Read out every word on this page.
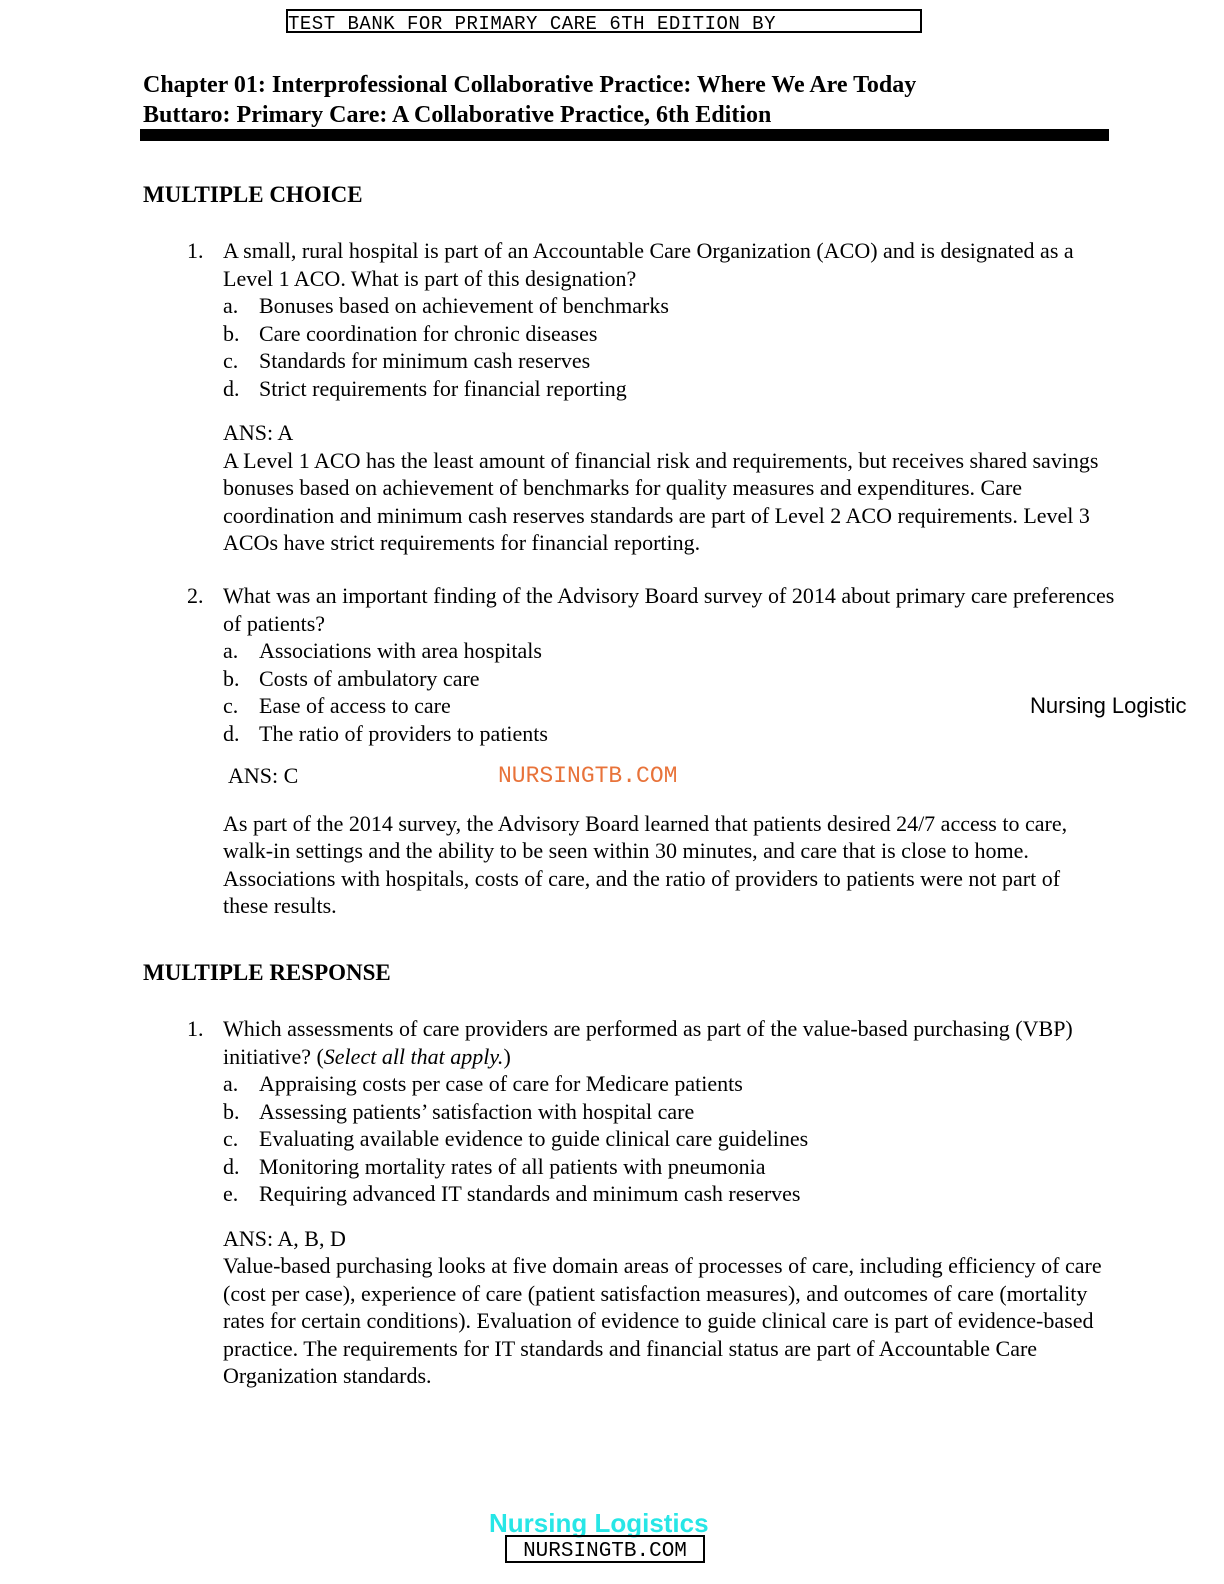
TEST BANK FOR PRIMARY CARE 6TH EDITION BY
Chapter 01: Interprofessional Collaborative Practice: Where We Are Today
Buttaro: Primary Care: A Collaborative Practice, 6th Edition
MULTIPLE CHOICE
1. A small, rural hospital is part of an Accountable Care Organization (ACO) and is designated as a Level 1 ACO. What is part of this designation?
a. Bonuses based on achievement of benchmarks
b. Care coordination for chronic diseases
c. Standards for minimum cash reserves
d. Strict requirements for financial reporting
ANS: A
A Level 1 ACO has the least amount of financial risk and requirements, but receives shared savings bonuses based on achievement of benchmarks for quality measures and expenditures. Care coordination and minimum cash reserves standards are part of Level 2 ACO requirements. Level 3 ACOs have strict requirements for financial reporting.
2. What was an important finding of the Advisory Board survey of 2014 about primary care preferences of patients?
a. Associations with area hospitals
b. Costs of ambulatory care
c. Ease of access to care
d. The ratio of providers to patients
ANS: C
As part of the 2014 survey, the Advisory Board learned that patients desired 24/7 access to care, walk-in settings and the ability to be seen within 30 minutes, and care that is close to home. Associations with hospitals, costs of care, and the ratio of providers to patients were not part of these results.
Nursing Logistic
NURSINGTB.COM
MULTIPLE RESPONSE
1. Which assessments of care providers are performed as part of the value-based purchasing (VBP) initiative? (Select all that apply.)
a. Appraising costs per case of care for Medicare patients
b. Assessing patients’ satisfaction with hospital care
c. Evaluating available evidence to guide clinical care guidelines
d. Monitoring mortality rates of all patients with pneumonia
e. Requiring advanced IT standards and minimum cash reserves
ANS: A, B, D
Value-based purchasing looks at five domain areas of processes of care, including efficiency of care (cost per case), experience of care (patient satisfaction measures), and outcomes of care (mortality rates for certain conditions). Evaluation of evidence to guide clinical care is part of evidence-based practice. The requirements for IT standards and financial status are part of Accountable Care Organization standards.
Nursing Logistics
NURSINGTB.COM
